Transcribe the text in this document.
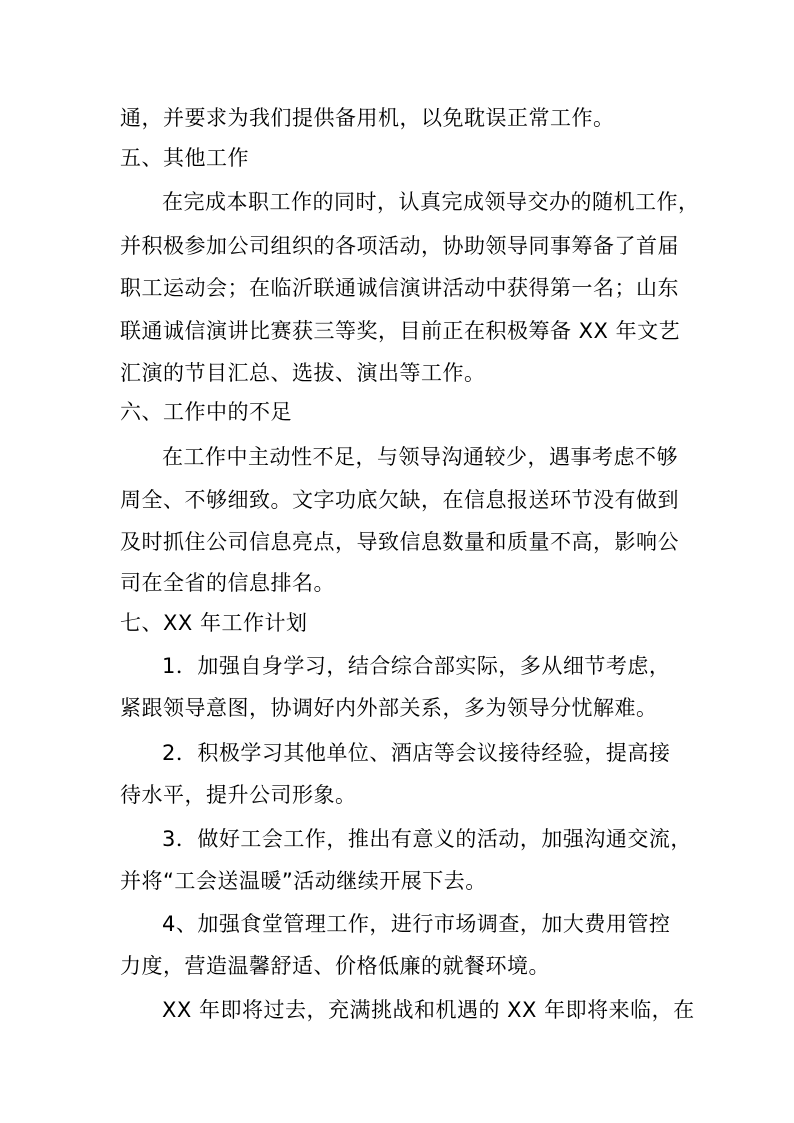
通，并要求为我们提供备用机，以免耽误正常工作。
五、其他工作
在完成本职工作的同时，认真完成领导交办的随机工作，
并积极参加公司组织的各项活动，协助领导同事筹备了首届
职工运动会；在临沂联通诚信演讲活动中获得第一名；山东
联通诚信演讲比赛获三等奖，目前正在积极筹备 XX 年文艺
汇演的节目汇总、选拔、演出等工作。
六、工作中的不足
在工作中主动性不足，与领导沟通较少，遇事考虑不够
周全、不够细致。文字功底欠缺，在信息报送环节没有做到
及时抓住公司信息亮点，导致信息数量和质量不高，影响公
司在全省的信息排名。
七、XX 年工作计划
1．加强自身学习，结合综合部实际，多从细节考虑，
紧跟领导意图，协调好内外部关系，多为领导分忧解难。
2．积极学习其他单位、酒店等会议接待经验，提高接
待水平，提升公司形象。
3．做好工会工作，推出有意义的活动，加强沟通交流，
并将“工会送温暖”活动继续开展下去。
4、加强食堂管理工作，进行市场调查，加大费用管控
力度，营造温馨舒适、价格低廉的就餐环境。
XX 年即将过去，充满挑战和机遇的 XX 年即将来临，在
